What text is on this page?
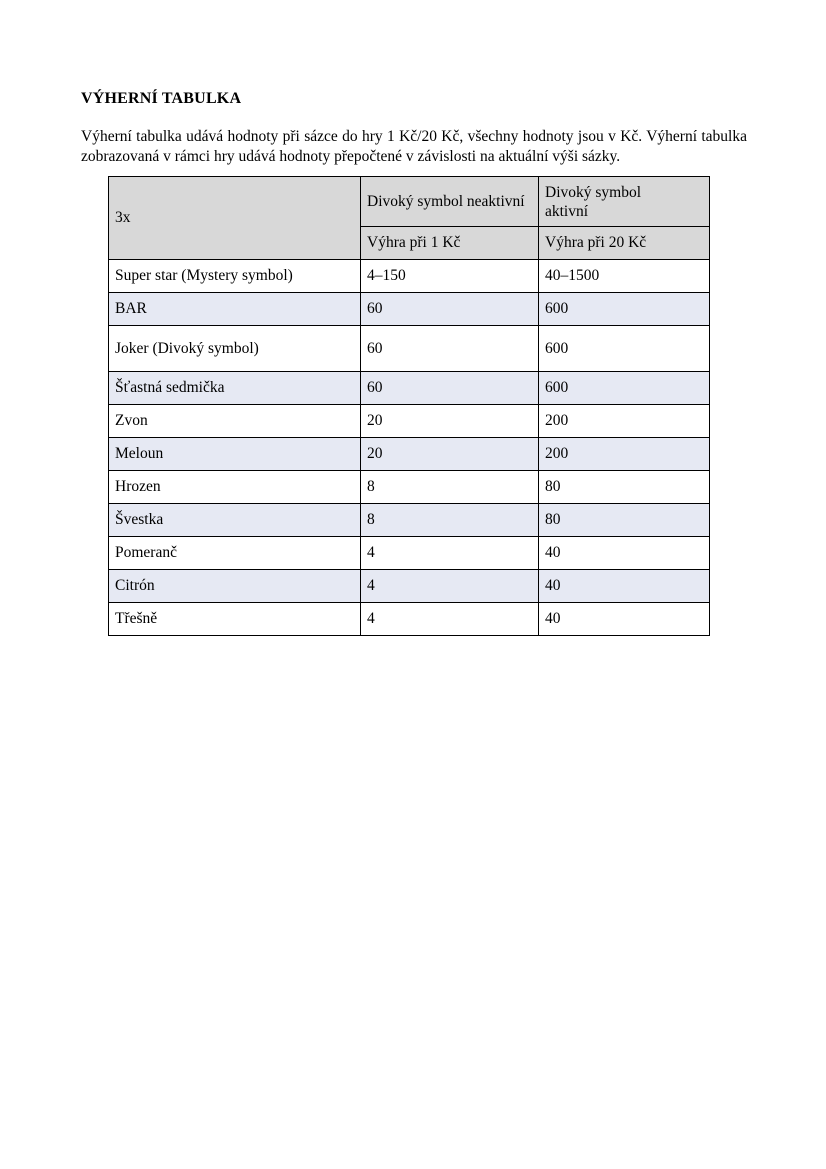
VÝHERNÍ TABULKA

Výherní tabulka udává hodnoty při sázce do hry 1 Kč/20 Kč, všechny hodnoty jsou v Kč. Výherní tabulka zobrazovaná v rámci hry udává hodnoty přepočtené v závislosti na aktuální výši sázky.

3x	Divoký symbol neaktivní	Divoký symbol aktivní
	Výhra při 1 Kč	Výhra při 20 Kč
Super star (Mystery symbol)	4–150	40–1500
BAR	60	600
Joker (Divoký symbol)	60	600
Šťastná sedmička	60	600
Zvon	20	200
Meloun	20	200
Hrozen	8	80
Švestka	8	80
Pomeranč	4	40
Citrón	4	40
Třešně	4	40
